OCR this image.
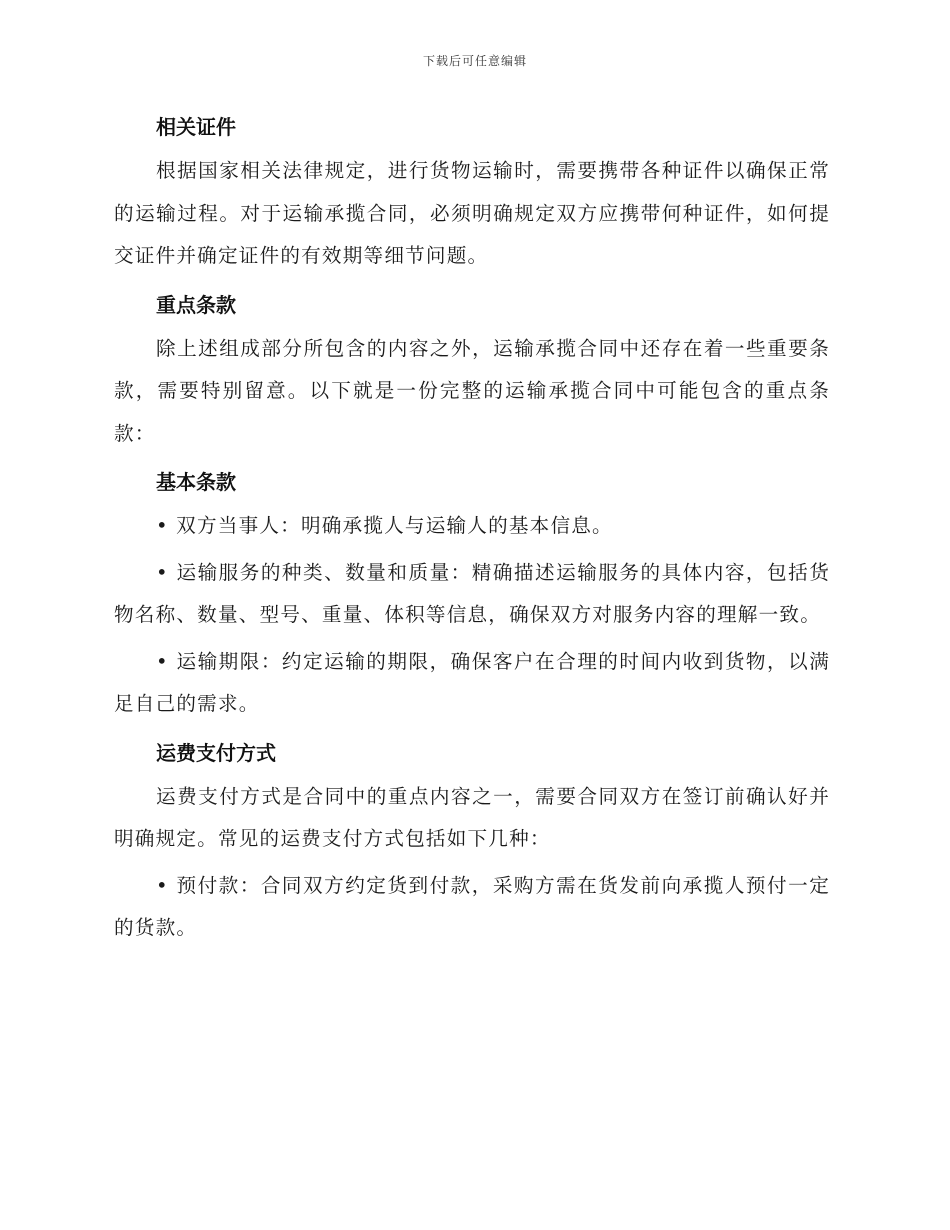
下载后可任意编辑
相关证件

根据国家相关法律规定，进行货物运输时，需要携带各种证件以确保正常的运输过程。对于运输承揽合同，必须明确规定双方应携带何种证件，如何提交证件并确定证件的有效期等细节问题。

重点条款

除上述组成部分所包含的内容之外，运输承揽合同中还存在着一些重要条款，需要特别留意。以下就是一份完整的运输承揽合同中可能包含的重点条款：

基本条款

• 双方当事人：明确承揽人与运输人的基本信息。

• 运输服务的种类、数量和质量：精确描述运输服务的具体内容，包括货物名称、数量、型号、重量、体积等信息，确保双方对服务内容的理解一致。

• 运输期限：约定运输的期限，确保客户在合理的时间内收到货物，以满足自己的需求。

运费支付方式

运费支付方式是合同中的重点内容之一，需要合同双方在签订前确认好并明确规定。常见的运费支付方式包括如下几种：

• 预付款：合同双方约定货到付款，采购方需在货发前向承揽人预付一定的货款。
